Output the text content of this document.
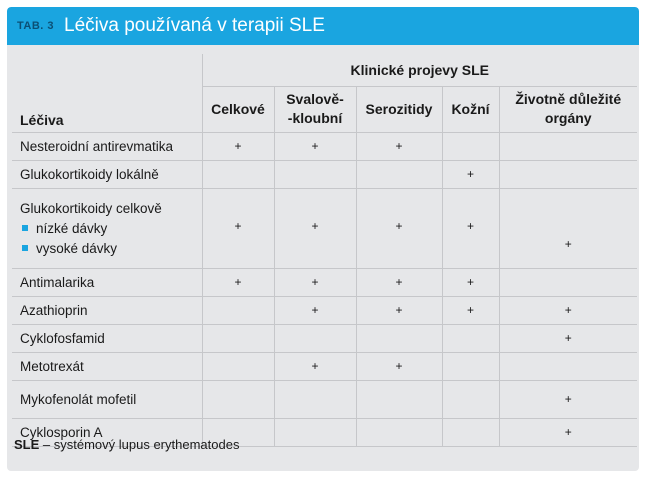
TAB. 3 Léčiva používaná v terapii SLE
Léčiva	Klinické projevy SLE				
	Celkové	Svalově-
-kloubní	Serozitidy	Kožní	Životně důležité
orgány

Nesteroidní antirevmatika	+	+	+		

Glukokortikoidy lokálně				+	

Glukokortikoidy celkově
nízké dávky
vysoké dávky	+	+	+	+	+

Antimalarika	+	+	+	+	

Azathioprin		+	+	+	+

Cyklofosfamid					+

Metotrexát		+	+		

Mykofenolát mofetil					+

Cyklosporin A					+
SLE – systémový lupus erythematodes
